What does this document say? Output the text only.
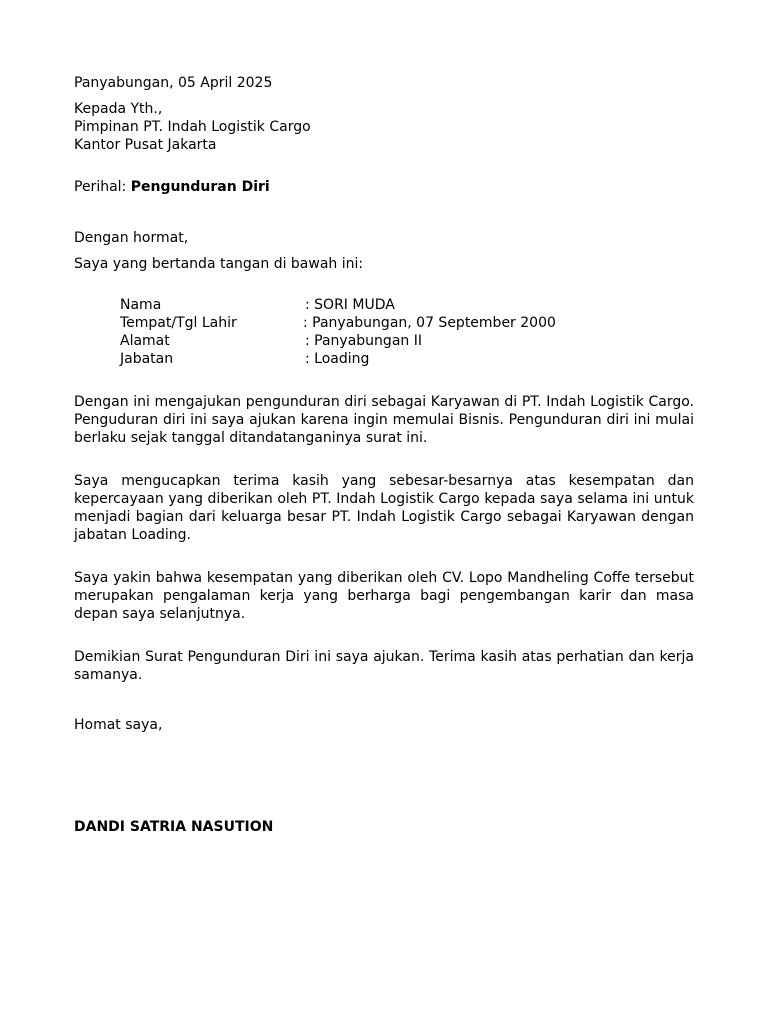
Panyabungan, 05 April 2025
Kepada Yth.,
Pimpinan PT. Indah Logistik Cargo
Kantor Pusat Jakarta
Perihal: Pengunduran Diri
Dengan hormat,
Saya yang bertanda tangan di bawah ini:
Nama	: SORI MUDA
Tempat/Tgl Lahir	: Panyabungan, 07 September 2000
Alamat	: Panyabungan II
Jabatan	: Loading
Dengan ini mengajukan pengunduran diri sebagai Karyawan di PT. Indah Logistik Cargo. Penguduran diri ini saya ajukan karena ingin memulai Bisnis. Pengunduran diri ini mulai berlaku sejak tanggal ditandatanganinya surat ini.
Saya mengucapkan terima kasih yang sebesar-besarnya atas kesempatan dan kepercayaan yang diberikan oleh PT. Indah Logistik Cargo kepada saya selama ini untuk menjadi bagian dari keluarga besar PT. Indah Logistik Cargo sebagai Karyawan dengan jabatan Loading.
Saya yakin bahwa kesempatan yang diberikan oleh CV. Lopo Mandheling Coffe tersebut merupakan pengalaman kerja yang berharga bagi pengembangan karir dan masa depan saya selanjutnya.
Demikian Surat Pengunduran Diri ini saya ajukan. Terima kasih atas perhatian dan kerja samanya.
Homat saya,
DANDI SATRIA NASUTION
